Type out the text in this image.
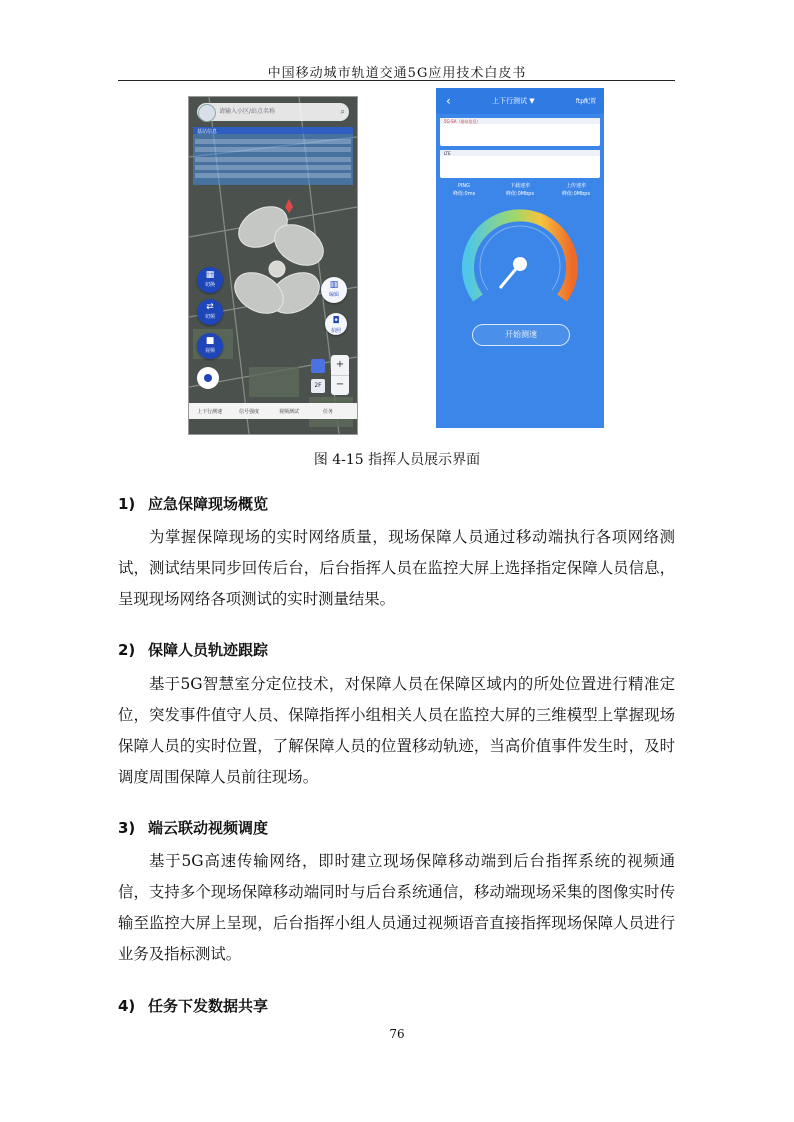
中国移动城市轨道交通5G应用技术白皮书
请输入小区/站点名称	⌕
基站信息
▦
切换
⇄
切频
■
视频
▥
编辑
◘
拍照
2F
+
−
上下行测速	信号强度	视频测试	任务
‹	上下行测试 ▼	ftp配置
5G-SA（基站信息）
LTE
PING
峰值:0ms
下载速率
峰值:0Mbps
上传速率
峰值:0Mbps
开始测速
图 4-15 指挥人员展示界面
1) 应急保障现场概览
为掌握保障现场的实时网络质量，现场保障人员通过移动端执行各项网络测试，测试结果同步回传后台，后台指挥人员在监控大屏上选择指定保障人员信息，呈现现场网络各项测试的实时测量结果。
2) 保障人员轨迹跟踪
基于5G智慧室分定位技术，对保障人员在保障区域内的所处位置进行精准定位，突发事件值守人员、保障指挥小组相关人员在监控大屏的三维模型上掌握现场保障人员的实时位置，了解保障人员的位置移动轨迹，当高价值事件发生时，及时调度周围保障人员前往现场。
3) 端云联动视频调度
基于5G高速传输网络，即时建立现场保障移动端到后台指挥系统的视频通信，支持多个现场保障移动端同时与后台系统通信，移动端现场采集的图像实时传输至监控大屏上呈现，后台指挥小组人员通过视频语音直接指挥现场保障人员进行业务及指标测试。
4) 任务下发数据共享
76
